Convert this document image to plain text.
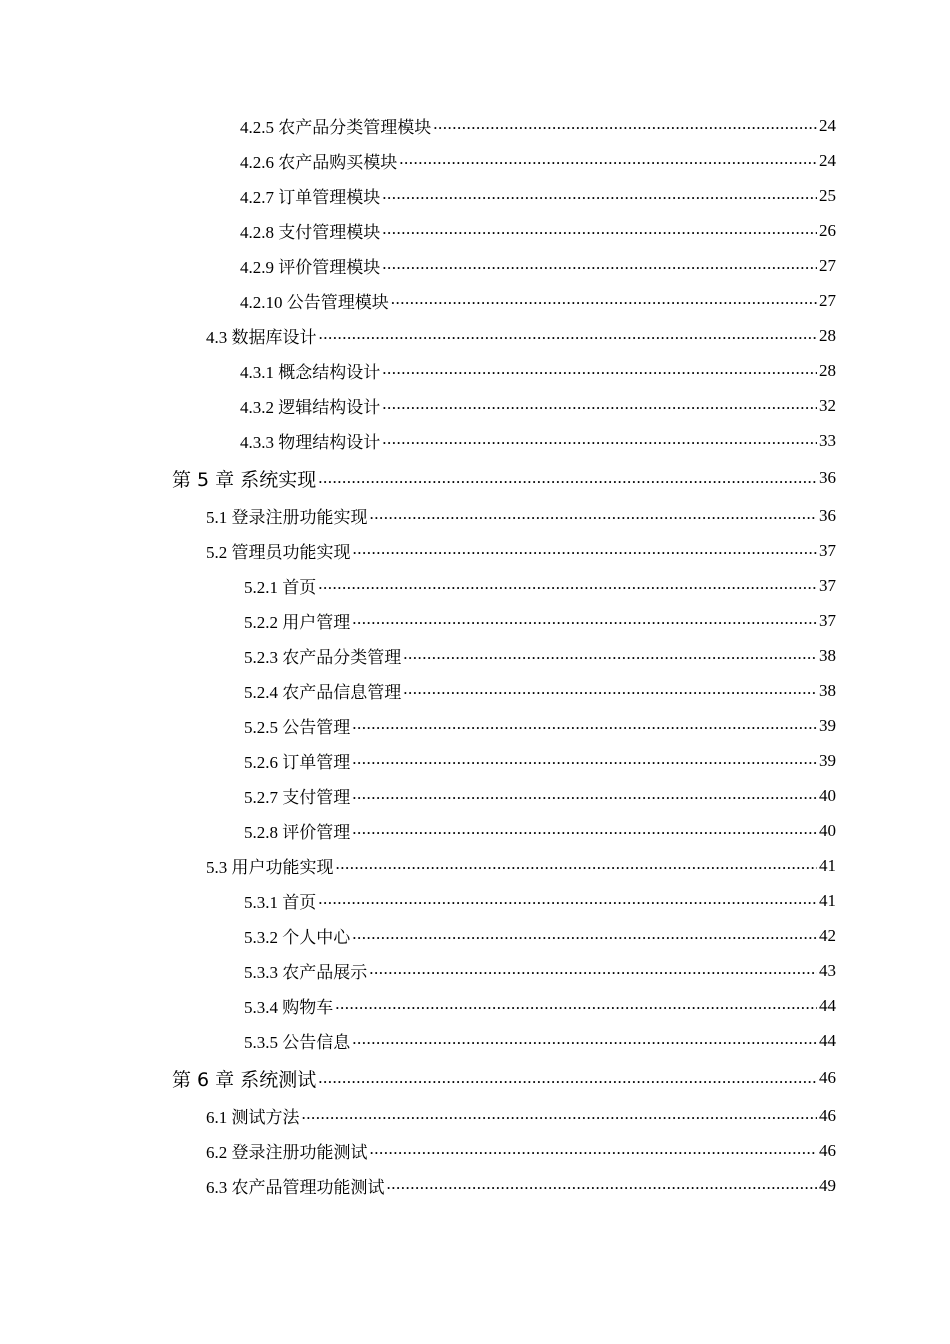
4.2.5 农产品分类管理模块 .....	24
4.2.6 农产品购买模块 .....	24
4.2.7 订单管理模块 .....	25
4.2.8 支付管理模块 .....	26
4.2.9 评价管理模块 .....	27
4.2.10 公告管理模块 .....	27
4.3 数据库设计 .....	28
4.3.1 概念结构设计 .....	28
4.3.2 逻辑结构设计 .....	32
4.3.3 物理结构设计 .....	33
第 5 章 系统实现 .....	36
5.1 登录注册功能实现 .....	36
5.2 管理员功能实现 .....	37
5.2.1 首页 .....	37
5.2.2 用户管理 .....	37
5.2.3 农产品分类管理 .....	38
5.2.4 农产品信息管理 .....	38
5.2.5 公告管理 .....	39
5.2.6 订单管理 .....	39
5.2.7 支付管理 .....	40
5.2.8 评价管理 .....	40
5.3 用户功能实现 .....	41
5.3.1 首页 .....	41
5.3.2 个人中心 .....	42
5.3.3 农产品展示 .....	43
5.3.4 购物车 .....	44
5.3.5 公告信息 .....	44
第 6 章 系统测试 .....	46
6.1 测试方法 .....	46
6.2 登录注册功能测试 .....	46
6.3 农产品管理功能测试 .....	49
